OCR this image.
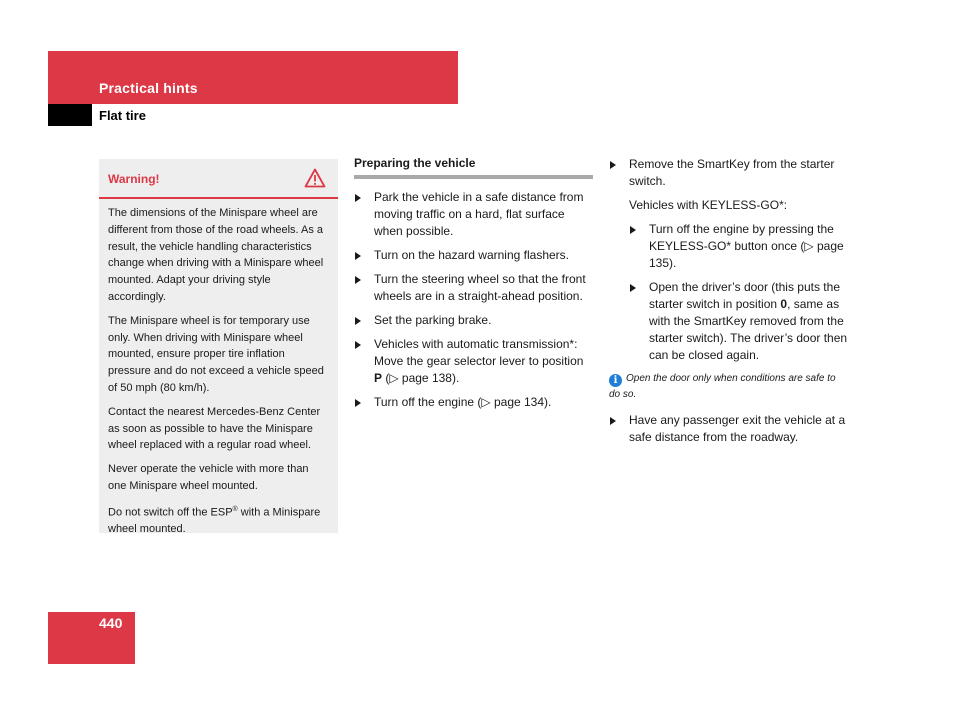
Practical hints
Flat tire
Warning!

The dimensions of the Minispare wheel are different from those of the road wheels. As a result, the vehicle handling characteristics change when driving with a Minispare wheel mounted. Adapt your driving style accordingly.

The Minispare wheel is for temporary use only. When driving with Minispare wheel mounted, ensure proper tire inflation pressure and do not exceed a vehicle speed of 50 mph (80 km/h).

Contact the nearest Mercedes-Benz Center as soon as possible to have the Minispare wheel replaced with a regular road wheel.

Never operate the vehicle with more than one Minispare wheel mounted.

Do not switch off the ESP® with a Minispare wheel mounted.

Preparing the vehicle
Park the vehicle in a safe distance from moving traffic on a hard, flat surface when possible.
Turn on the hazard warning flashers.
Turn the steering wheel so that the front wheels are in a straight-ahead position.
Set the parking brake.
Vehicles with automatic transmission*: Move the gear selector lever to position P (▷ page 138).
Turn off the engine (▷ page 134).
Remove the SmartKey from the starter switch.
Vehicles with KEYLESS-GO*:
Turn off the engine by pressing the KEYLESS-GO* button once (▷ page 135).
Open the driver’s door (this puts the starter switch in position 0, same as with the SmartKey removed from the starter switch). The driver’s door then can be closed again.
i Open the door only when conditions are safe to do so.
Have any passenger exit the vehicle at a safe distance from the roadway.
440
